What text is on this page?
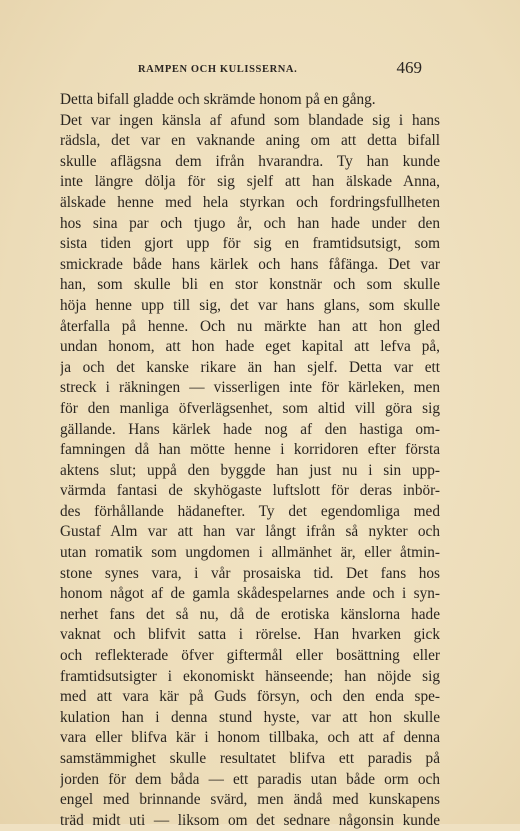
RAMPEN OCH KULISSERNA.	469
Detta bifall gladde och skrämde honom på en gång.
Det var ingen känsla af afund som blandade sig i hans
rädsla, det var en vaknande aning om att detta bifall
skulle aflägsna dem ifrån hvarandra. Ty han kunde
inte längre dölja för sig sjelf att han älskade Anna,
älskade henne med hela styrkan och fordringsfullheten
hos sina par och tjugo år, och han hade under den
sista tiden gjort upp för sig en framtidsutsigt, som
smickrade både hans kärlek och hans fåfänga. Det var
han, som skulle bli en stor konstnär och som skulle
höja henne upp till sig, det var hans glans, som skulle
återfalla på henne. Och nu märkte han att hon gled
undan honom, att hon hade eget kapital att lefva på,
ja och det kanske rikare än han sjelf. Detta var ett
streck i räkningen — visserligen inte för kärleken, men
för den manliga öfverlägsenhet, som altid vill göra sig
gällande. Hans kärlek hade nog af den hastiga om-
famningen då han mötte henne i korridoren efter första
aktens slut; uppå den byggde han just nu i sin upp-
värmda fantasi de skyhögaste luftslott för deras inbör-
des förhållande hädanefter. Ty det egendomliga med
Gustaf Alm var att han var långt ifrån så nykter och
utan romatik som ungdomen i allmänhet är, eller åtmin-
stone synes vara, i vår prosaiska tid. Det fans hos
honom något af de gamla skådespelarnes ande och i syn-
nerhet fans det så nu, då de erotiska känslorna hade
vaknat och blifvit satta i rörelse. Han hvarken gick
och reflekterade öfver giftermål eller bosättning eller
framtidsutsigter i ekonomiskt hänseende; han nöjde sig
med att vara kär på Guds försyn, och den enda spe-
kulation han i denna stund hyste, var att hon skulle
vara eller blifva kär i honom tillbaka, och att af denna
samstämmighet skulle resultatet blifva ett paradis på
jorden för dem båda — ett paradis utan både orm och
engel med brinnande svärd, men ändå med kunskapens
träd midt uti — liksom om det sednare någonsin kunde
